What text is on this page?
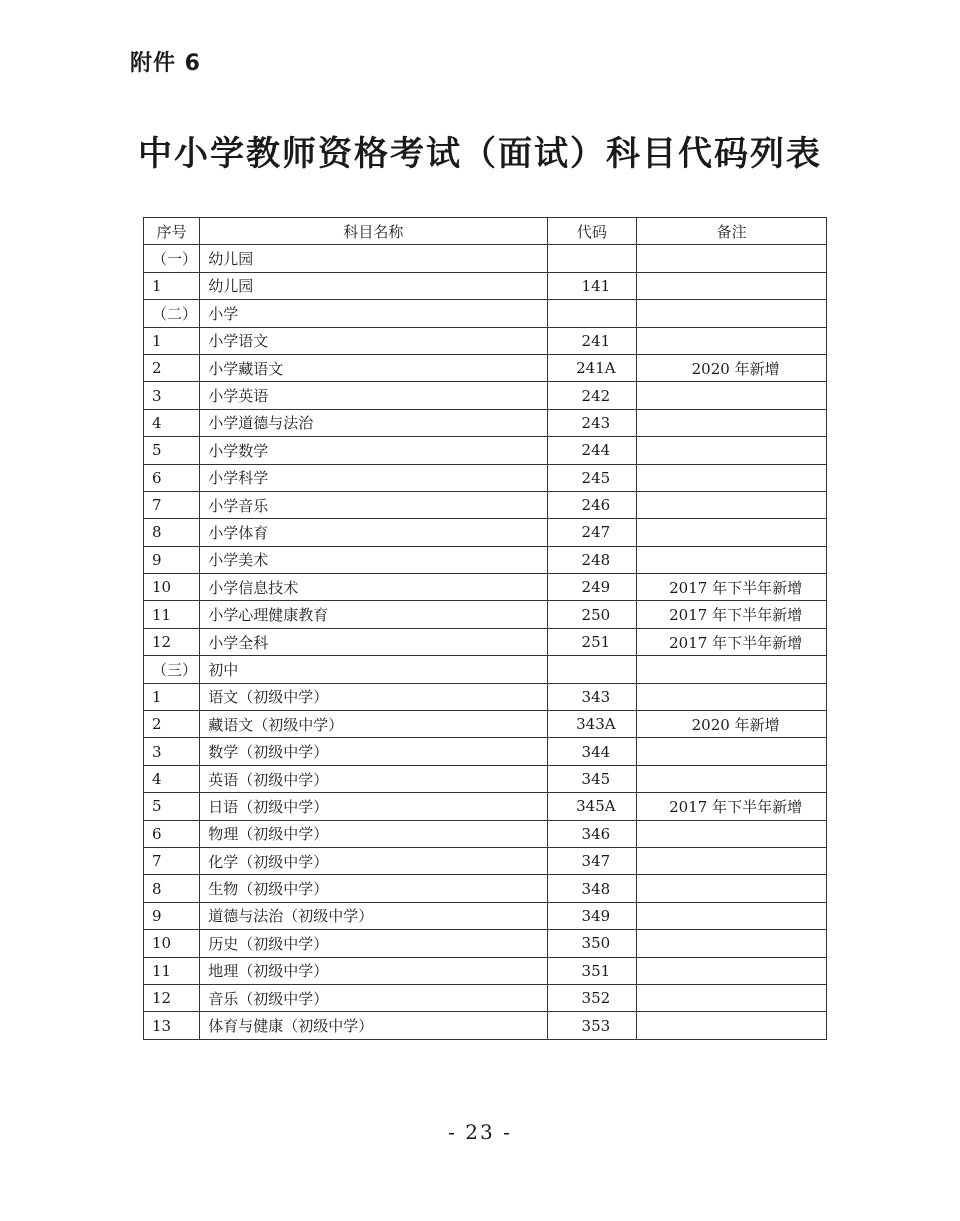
附件 6
中小学教师资格考试（面试）科目代码列表
序号	科目名称	代码	备注
（一）	幼儿园		
1	幼儿园	141	
（二）	小学		
1	小学语文	241	
2	小学藏语文	241A	2020 年新增
3	小学英语	242	
4	小学道德与法治	243	
5	小学数学	244	
6	小学科学	245	
7	小学音乐	246	
8	小学体育	247	
9	小学美术	248	
10	小学信息技术	249	2017 年下半年新增
11	小学心理健康教育	250	2017 年下半年新增
12	小学全科	251	2017 年下半年新增
（三）	初中		
1	语文（初级中学）	343	
2	藏语文（初级中学）	343A	2020 年新增
3	数学（初级中学）	344	
4	英语（初级中学）	345	
5	日语（初级中学）	345A	2017 年下半年新增
6	物理（初级中学）	346	
7	化学（初级中学）	347	
8	生物（初级中学）	348	
9	道德与法治（初级中学）	349	
10	历史（初级中学）	350	
11	地理（初级中学）	351	
12	音乐（初级中学）	352	
13	体育与健康（初级中学）	353	
- 23 -
